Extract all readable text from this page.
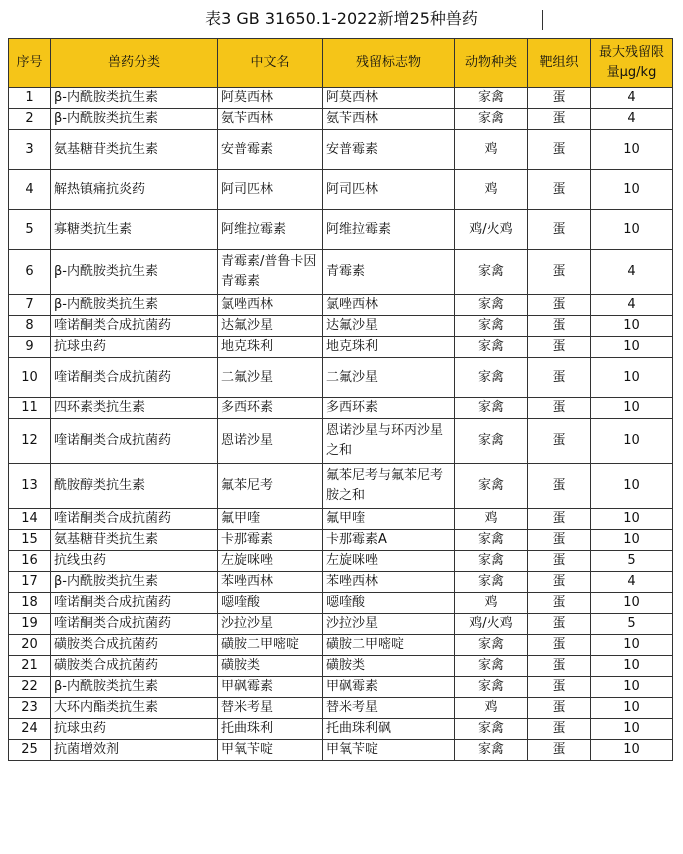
表3 GB 31650.1-2022新增25种兽药
序号	兽药分类	中文名	残留标志物	动物种类	靶组织	最大残留限量μg/kg
1	β-内酰胺类抗生素	阿莫西林	阿莫西林	家禽	蛋	4
2	β-内酰胺类抗生素	氨苄西林	氨苄西林	家禽	蛋	4
3	氨基糖苷类抗生素	安普霉素	安普霉素	鸡	蛋	10
4	解热镇痛抗炎药	阿司匹林	阿司匹林	鸡	蛋	10
5	寡糖类抗生素	阿维拉霉素	阿维拉霉素	鸡/火鸡	蛋	10
6	β-内酰胺类抗生素	青霉素/普鲁卡因青霉素	青霉素	家禽	蛋	4
7	β-内酰胺类抗生素	氯唑西林	氯唑西林	家禽	蛋	4
8	喹诺酮类合成抗菌药	达氟沙星	达氟沙星	家禽	蛋	10
9	抗球虫药	地克珠利	地克珠利	家禽	蛋	10
10	喹诺酮类合成抗菌药	二氟沙星	二氟沙星	家禽	蛋	10
11	四环素类抗生素	多西环素	多西环素	家禽	蛋	10
12	喹诺酮类合成抗菌药	恩诺沙星	恩诺沙星与环丙沙星之和	家禽	蛋	10
13	酰胺醇类抗生素	氟苯尼考	氟苯尼考与氟苯尼考胺之和	家禽	蛋	10
14	喹诺酮类合成抗菌药	氟甲喹	氟甲喹	鸡	蛋	10
15	氨基糖苷类抗生素	卡那霉素	卡那霉素A	家禽	蛋	10
16	抗线虫药	左旋咪唑	左旋咪唑	家禽	蛋	5
17	β-内酰胺类抗生素	苯唑西林	苯唑西林	家禽	蛋	4
18	喹诺酮类合成抗菌药	噁喹酸	噁喹酸	鸡	蛋	10
19	喹诺酮类合成抗菌药	沙拉沙星	沙拉沙星	鸡/火鸡	蛋	5
20	磺胺类合成抗菌药	磺胺二甲嘧啶	磺胺二甲嘧啶	家禽	蛋	10
21	磺胺类合成抗菌药	磺胺类	磺胺类	家禽	蛋	10
22	β-内酰胺类抗生素	甲砜霉素	甲砜霉素	家禽	蛋	10
23	大环内酯类抗生素	替米考星	替米考星	鸡	蛋	10
24	抗球虫药	托曲珠利	托曲珠利砜	家禽	蛋	10
25	抗菌增效剂	甲氧苄啶	甲氧苄啶	家禽	蛋	10
